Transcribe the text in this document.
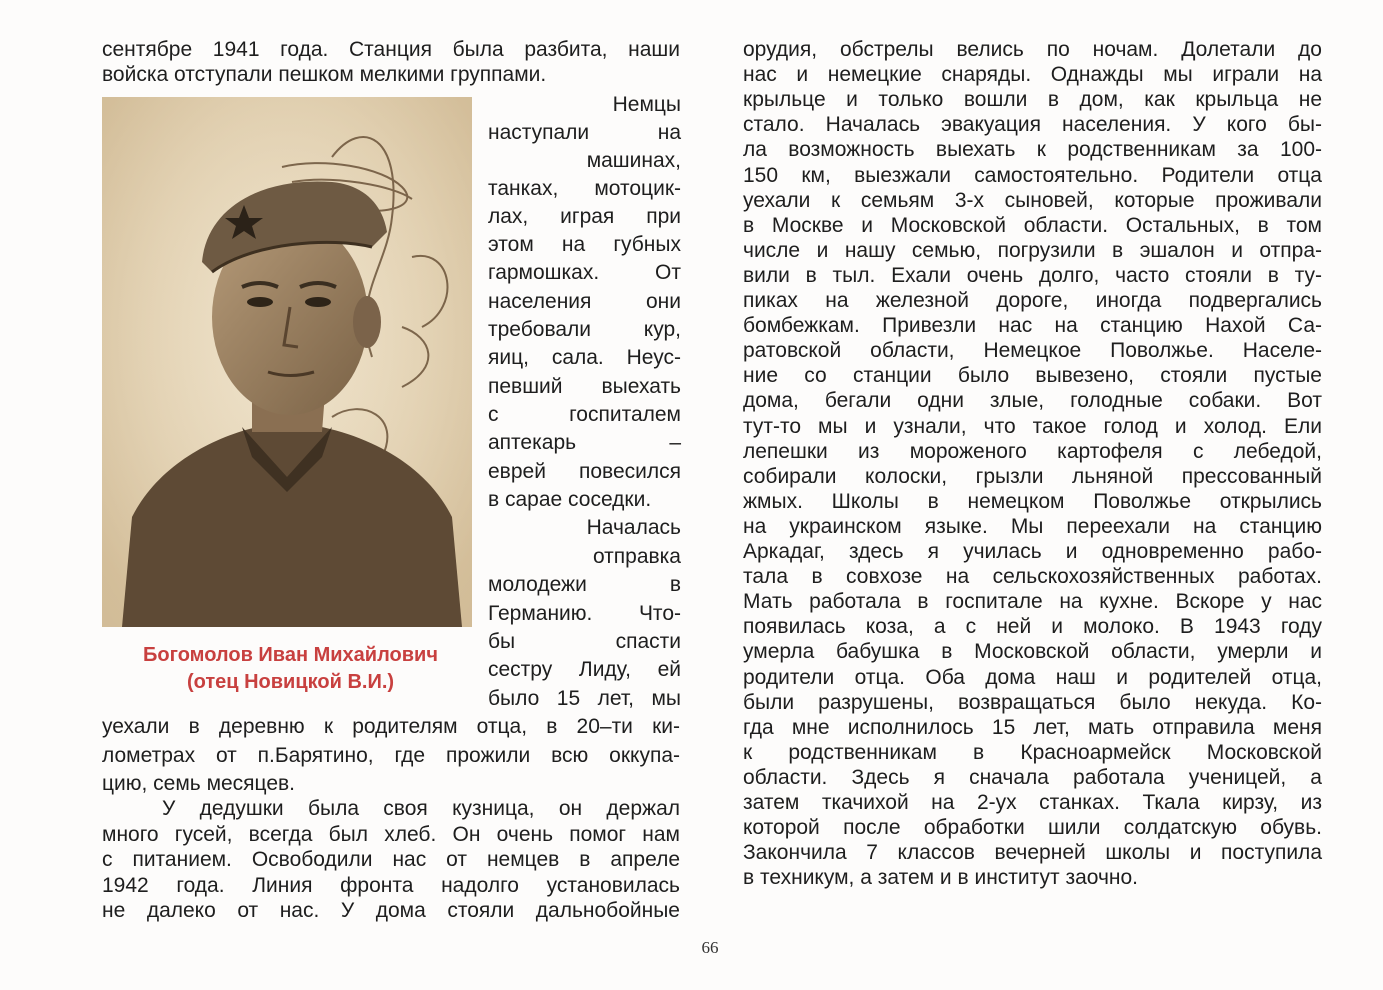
сентябре 1941 года. Станция была разбита, наши
войска отступали пешком мелкими группами.
Немцы
наступали на
машинах,
танках, мотоцик-
лах, играя при
этом на губных
гармошках. От
населения они
требовали кур,
яиц, сала. Неус-
певший выехать
с госпиталем
аптекарь –
еврей повесился
в сарае соседки.
Началась
отправка
молодежи в
Германию. Что-
бы спасти
сестру Лиду, ей
было 15 лет, мы
Богомолов Иван Михайлович
(отец Новицкой В.И.)
уехали в деревню к родителям отца, в 20–ти ки-
лометрах от п.Барятино, где прожили всю оккупа-
цию, семь месяцев.
У дедушки была своя кузница, он держал
много гусей, всегда был хлеб. Он очень помог нам
с питанием. Освободили нас от немцев в апреле
1942 года. Линия фронта надолго установилась
не далеко от нас. У дома стояли дальнобойные
орудия, обстрелы велись по ночам. Долетали до
нас и немецкие снаряды. Однажды мы играли на
крыльце и только вошли в дом, как крыльца не
стало. Началась эвакуация населения. У кого бы-
ла возможность выехать к родственникам за 100-
150 км, выезжали самостоятельно. Родители отца
уехали к семьям 3-х сыновей, которые проживали
в Москве и Московской области. Остальных, в том
числе и нашу семью, погрузили в эшалон и отпра-
вили в тыл. Ехали очень долго, часто стояли в ту-
пиках на железной дороге, иногда подвергались
бомбежкам. Привезли нас на станцию Нахой Са-
ратовской области, Немецкое Поволжье. Населе-
ние со станции было вывезено, стояли пустые
дома, бегали одни злые, голодные собаки. Вот
тут-то мы и узнали, что такое голод и холод. Ели
лепешки из мороженого картофеля с лебедой,
собирали колоски, грызли льняной прессованный
жмых. Школы в немецком Поволжье открылись
на украинском языке. Мы переехали на станцию
Аркадаг, здесь я училась и одновременно рабо-
тала в совхозе на сельскохозяйственных работах.
Мать работала в госпитале на кухне. Вскоре у нас
появилась коза, а с ней и молоко. В 1943 году
умерла бабушка в Московской области, умерли и
родители отца. Оба дома наш и родителей отца,
были разрушены, возвращаться было некуда. Ко-
гда мне исполнилось 15 лет, мать отправила меня
к родственникам в Красноармейск Московской
области. Здесь я сначала работала ученицей, а
затем ткачихой на 2-ух станках. Ткала кирзу, из
которой после обработки шили солдатскую обувь.
Закончила 7 классов вечерней школы и поступила
в техникум, а затем и в институт заочно.
66
